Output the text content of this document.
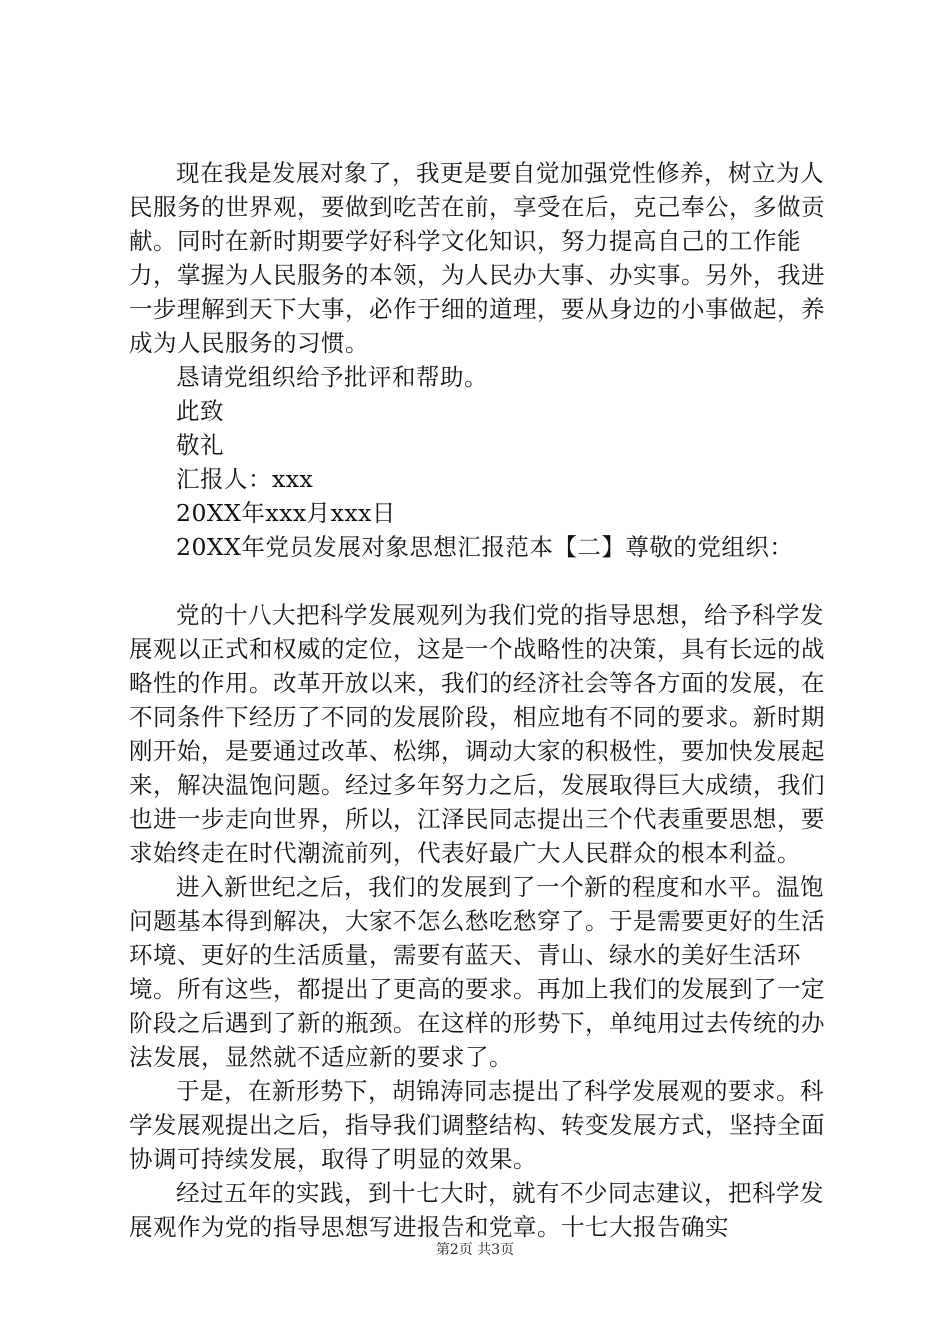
现在我是发展对象了，我更是要自觉加强党性修养，树立为人民服务的世界观，要做到吃苦在前，享受在后，克己奉公，多做贡献。同时在新时期要学好科学文化知识，努力提高自己的工作能力，掌握为人民服务的本领，为人民办大事、办实事。另外，我进一步理解到天下大事，必作于细的道理，要从身边的小事做起，养成为人民服务的习惯。

恳请党组织给予批评和帮助。

此致

敬礼

汇报人：xxx

20XX年xxx月xxx日

20XX年党员发展对象思想汇报范本【二】尊敬的党组织：

党的十八大把科学发展观列为我们党的指导思想，给予科学发展观以正式和权威的定位，这是一个战略性的决策，具有长远的战略性的作用。改革开放以来，我们的经济社会等各方面的发展，在不同条件下经历了不同的发展阶段，相应地有不同的要求。新时期刚开始，是要通过改革、松绑，调动大家的积极性，要加快发展起来，解决温饱问题。经过多年努力之后，发展取得巨大成绩，我们也进一步走向世界，所以，江泽民同志提出三个代表重要思想，要求始终走在时代潮流前列，代表好最广大人民群众的根本利益。

进入新世纪之后，我们的发展到了一个新的程度和水平。温饱问题基本得到解决，大家不怎么愁吃愁穿了。于是需要更好的生活环境、更好的生活质量，需要有蓝天、青山、绿水的美好生活环境。所有这些，都提出了更高的要求。再加上我们的发展到了一定阶段之后遇到了新的瓶颈。在这样的形势下，单纯用过去传统的办法发展，显然就不适应新的要求了。

于是，在新形势下，胡锦涛同志提出了科学发展观的要求。科学发展观提出之后，指导我们调整结构、转变发展方式，坚持全面协调可持续发展，取得了明显的效果。

经过五年的实践，到十七大时，就有不少同志建议，把科学发展观作为党的指导思想写进报告和党章。十七大报告确实

第2页 共3页
